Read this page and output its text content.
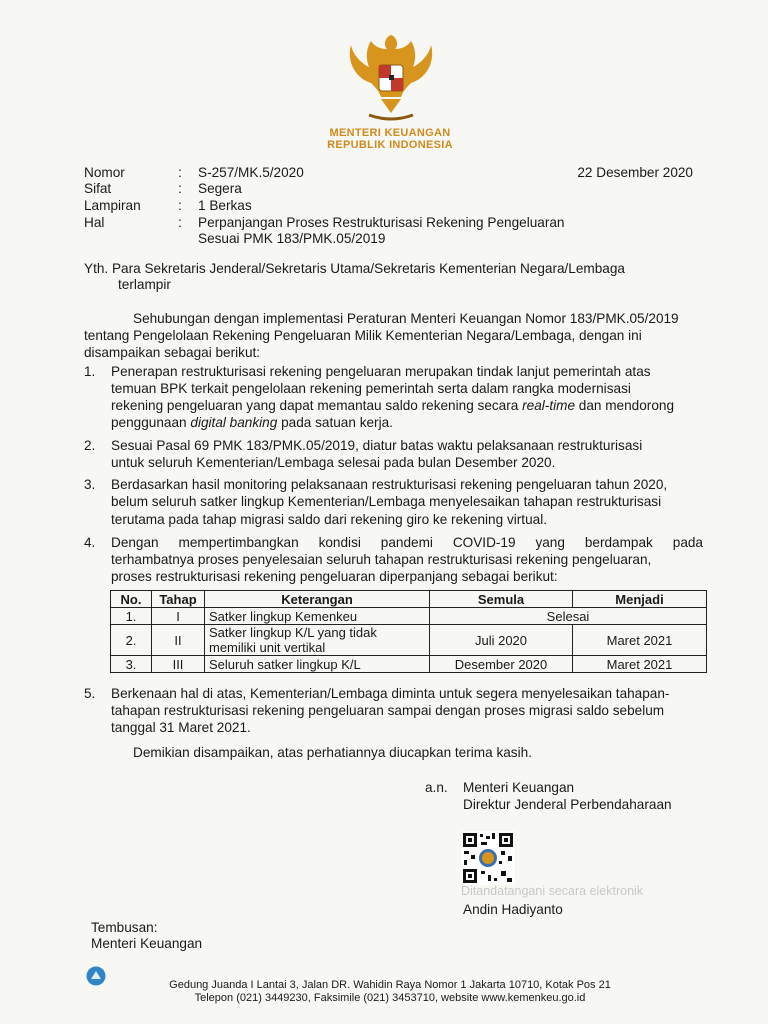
MENTERI KEUANGAN
REPUBLIK INDONESIA
Nomor	: S-257/MK.5/2020	22 Desember 2020
Sifat	: Segera
Lampiran	: 1 Berkas
Hal	: Perpanjangan Proses Restrukturisasi Rekening Pengeluaran
Sesuai PMK 183/PMK.05/2019
Yth. Para Sekretaris Jenderal/Sekretaris Utama/Sekretaris Kementerian Negara/Lembaga
terlampir
Sehubungan dengan implementasi Peraturan Menteri Keuangan Nomor 183/PMK.05/2019
tentang Pengelolaan Rekening Pengeluaran Milik Kementerian Negara/Lembaga, dengan ini
disampaikan sebagai berikut:
1. Penerapan restrukturisasi rekening pengeluaran merupakan tindak lanjut pemerintah atas
temuan BPK terkait pengelolaan rekening pemerintah serta dalam rangka modernisasi
rekening pengeluaran yang dapat memantau saldo rekening secara real-time dan mendorong
penggunaan digital banking pada satuan kerja.
2. Sesuai Pasal 69 PMK 183/PMK.05/2019, diatur batas waktu pelaksanaan restrukturisasi
untuk seluruh Kementerian/Lembaga selesai pada bulan Desember 2020.
3. Berdasarkan hasil monitoring pelaksanaan restrukturisasi rekening pengeluaran tahun 2020,
belum seluruh satker lingkup Kementerian/Lembaga menyelesaikan tahapan restrukturisasi
terutama pada tahap migrasi saldo dari rekening giro ke rekening virtual.
4. Dengan mempertimbangkan kondisi pandemi COVID-19 yang berdampak pada
terhambatnya proses penyelesaian seluruh tahapan restrukturisasi rekening pengeluaran,
proses restrukturisasi rekening pengeluaran diperpanjang sebagai berikut:
No.	Tahap	Keterangan	Semula	Menjadi
1.	I	Satker lingkup Kemenkeu	Selesai	
2.	II	Satker lingkup K/L yang tidak
memiliki unit vertikal	Juli 2020	Maret 2021
3.	III	Seluruh satker lingkup K/L	Desember 2020	Maret 2021
5. Berkenaan hal di atas, Kementerian/Lembaga diminta untuk segera menyelesaikan tahapan-
tahapan restrukturisasi rekening pengeluaran sampai dengan proses migrasi saldo sebelum
tanggal 31 Maret 2021.
Demikian disampaikan, atas perhatiannya diucapkan terima kasih.
a.n. Menteri Keuangan
Direktur Jenderal Perbendaharaan
Ditandatangani secara elektronik
Andin Hadiyanto
Tembusan:
Menteri Keuangan
Gedung Juanda I Lantai 3, Jalan DR. Wahidin Raya Nomor 1 Jakarta 10710, Kotak Pos 21
Telepon (021) 3449230, Faksimile (021) 3453710, website www.kemenkeu.go.id
